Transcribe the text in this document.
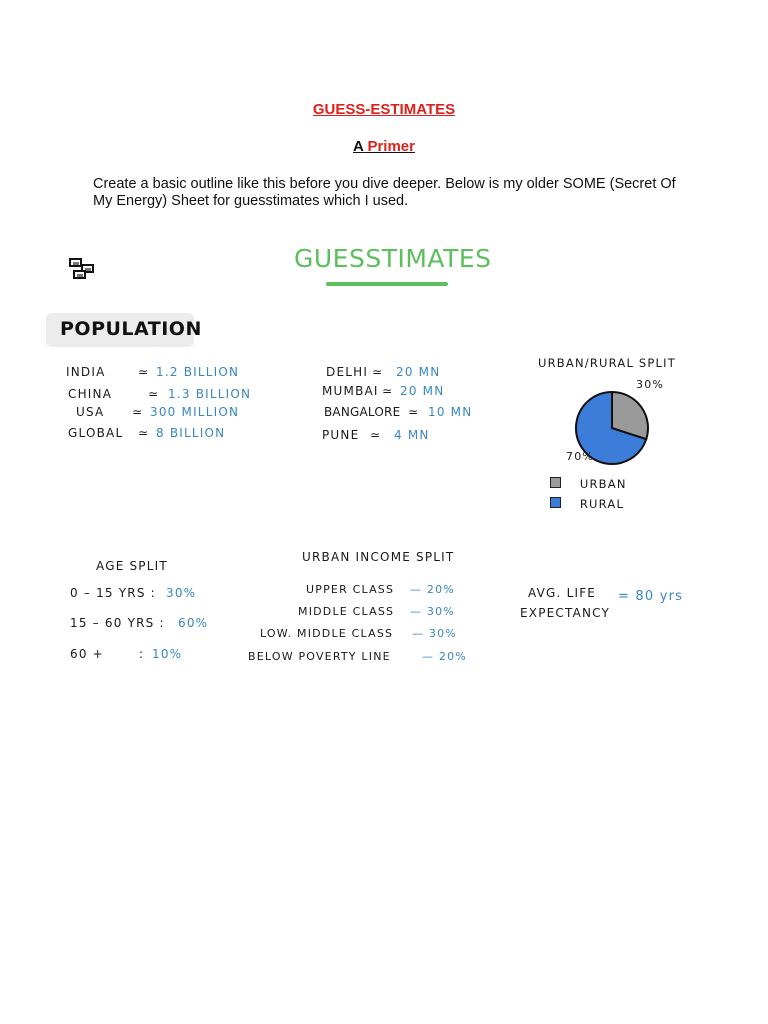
GUESS-ESTIMATES
A Primer
Create a basic outline like this before you dive deeper. Below is my older SOME (Secret Of My Energy) Sheet for guesstimates which I used.
GUESSTIMATES
POPULATION
INDIA	≃ 1.2 BILLION
CHINA	≃ 1.3 BILLION
USA ≃ 300 MILLION
GLOBAL ≃ 8 BILLION
DELHI ≃ 20 MN
MUMBAI ≃ 20 MN
BANGALORE ≃ 10 MN
PUNE ≃ 4 MN
URBAN/RURAL SPLIT
30%
70%
URBAN
RURAL
AGE SPLIT
0 – 15 YRS : 30%
15 – 60 YRS : 60%
60 +       : 10%
URBAN INCOME SPLIT
UPPER CLASS — 20%
MIDDLE CLASS — 30%
LOW. MIDDLE CLASS — 30%
BELOW POVERTY LINE	— 20%
AVG. LIFE
EXPECTANCY
= 80 yrs
